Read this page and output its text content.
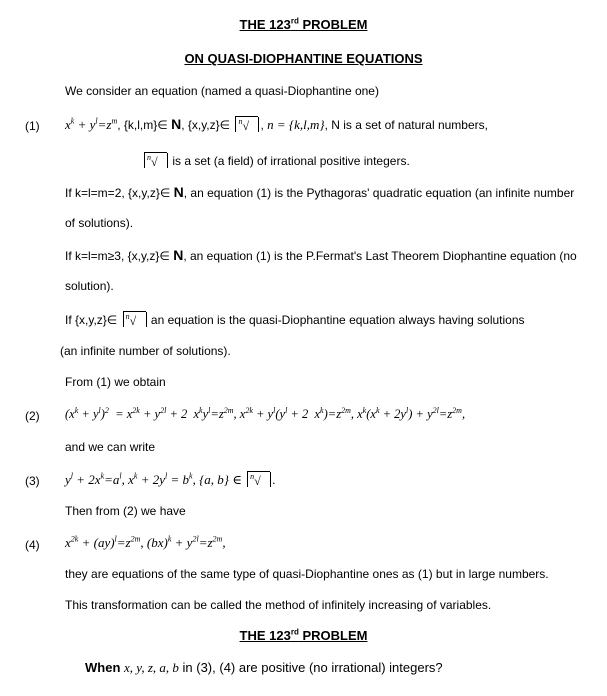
THE 123rd PROBLEM
ON QUASI-DIOPHANTINE EQUATIONS
We consider an equation (named a quasi-Diophantine one)
(1) $x^k + y^l=z^m$, {k,l,m}∈ N, {x,y,z}∈ n √ , n = {k,l,m}, N is a set of natural numbers,
n √ is a set (a field) of irrational positive integers.
If k=l=m=2, {x,y,z}∈ N, an equation (1) is the Pythagoras' quadratic equation (an infinite number
of solutions).
If k=l=m≥3, {x,y,z}∈ N, an equation (1) is the P.Fermat's Last Theorem Diophantine equation (no
solution).
If {x,y,z}∈ n √ an equation is the quasi-Diophantine equation always having solutions
(an infinite number of solutions).
From (1) we obtain
(2) $(x^k + y^l)^2 = x^{2k} + y^{2l} + 2$  $x^ky^l=z^{2m}$, $x^{2k} + y^l(y^l + 2$  $x^k)=z^{2m}$, $x^k(x^k + 2y^l) + y^{2l}=z^{2m}$,
and we can write
(3) $y^l + 2x^k=a^l$, $x^k + 2y^l = b^k$, {a, b} ∈ n √ .
Then from (2) we have
(4) $x^{2k} + (ay)^l=z^{2m}$, $(bx)^k + y^{2l}=z^{2m}$,
they are equations of the same type of quasi-Diophantine ones as (1) but in large numbers.
This transformation can be called the method of infinitely increasing of variables.
THE 123rd PROBLEM
When x, y, z, a, b in (3), (4) are positive (no irrational) integers?
